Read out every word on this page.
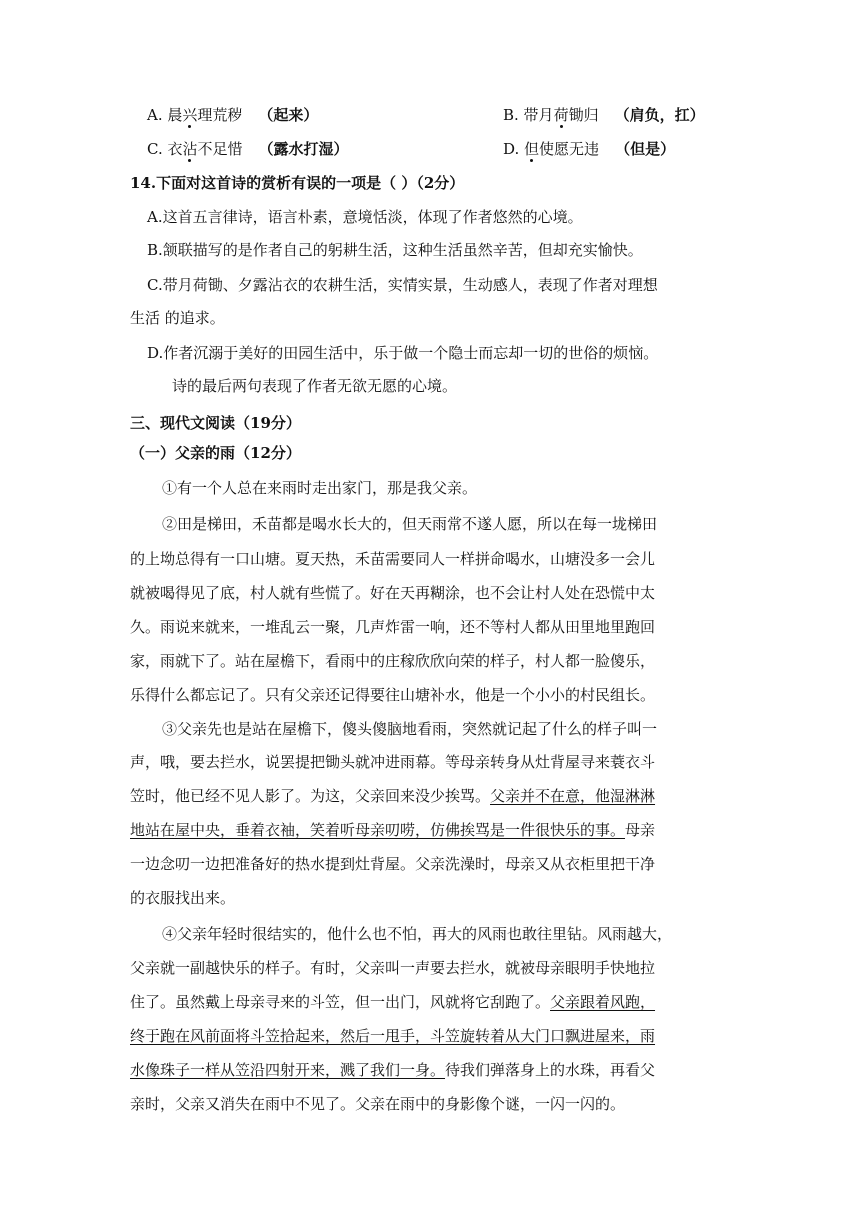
A. 晨兴理荒秽 （起来）	B. 带月荷锄归 （肩负，扛）
C. 衣沾不足惜 （露水打湿）	D. 但使愿无违 （但是）
14.下面对这首诗的赏析有误的一项是（ ）（2分）
A.这首五言律诗，语言朴素，意境恬淡，体现了作者悠然的心境。
B.颔联描写的是作者自己的躬耕生活，这种生活虽然辛苦，但却充实愉快。
C.带月荷锄、夕露沾衣的农耕生活，实情实景，生动感人，表现了作者对理想
生活 的追求。
D.作者沉溺于美好的田园生活中，乐于做一个隐士而忘却一切的世俗的烦恼。
诗的最后两句表现了作者无欲无愿的心境。
三、现代文阅读（19分）
（一）父亲的雨（12分）
①有一个人总在来雨时走出家门，那是我父亲。
②田是梯田，禾苗都是喝水长大的，但天雨常不遂人愿，所以在每一垅梯田
的上坳总得有一口山塘。夏天热，禾苗需要同人一样拼命喝水，山塘没多一会儿
就被喝得见了底，村人就有些慌了。好在天再糊涂，也不会让村人处在恐慌中太
久。雨说来就来，一堆乱云一聚，几声炸雷一响，还不等村人都从田里地里跑回
家，雨就下了。站在屋檐下，看雨中的庄稼欣欣向荣的样子，村人都一脸傻乐，
乐得什么都忘记了。只有父亲还记得要往山塘补水，他是一个小小的村民组长。
③父亲先也是站在屋檐下，傻头傻脑地看雨，突然就记起了什么的样子叫一
声，哦，要去拦水，说罢提把锄头就冲进雨幕。等母亲转身从灶背屋寻来蓑衣斗
笠时，他已经不见人影了。为这，父亲回来没少挨骂。父亲并不在意，他湿淋淋
地站在屋中央，垂着衣袖，笑着听母亲叨唠，仿佛挨骂是一件很快乐的事。母亲
一边念叨一边把准备好的热水提到灶背屋。父亲洗澡时，母亲又从衣柜里把干净
的衣服找出来。
④父亲年轻时很结实的，他什么也不怕，再大的风雨也敢往里钻。风雨越大，
父亲就一副越快乐的样子。有时，父亲叫一声要去拦水，就被母亲眼明手快地拉
住了。虽然戴上母亲寻来的斗笠，但一出门，风就将它刮跑了。父亲跟着风跑，
终于跑在风前面将斗笠拾起来，然后一甩手，斗笠旋转着从大门口飘进屋来，雨
水像珠子一样从笠沿四射开来，溅了我们一身。待我们弹落身上的水珠，再看父
亲时，父亲又消失在雨中不见了。父亲在雨中的身影像个谜，一闪一闪的。
